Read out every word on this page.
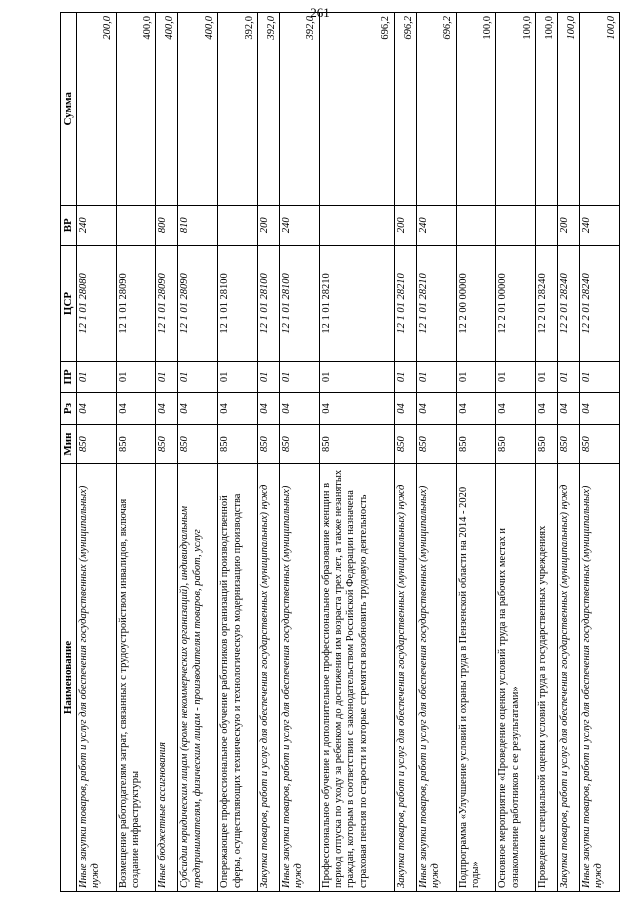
261
Наименование	Мин	Рз	ПР	ЦСР	ВР	Сумма
Иные закупки товаров, работ и услуг для обеспечения государственных (муниципальных) нужд	850	04	01	12 1 01 28080	240	200,0
Возмещение работодателям затрат, связанных с трудоустройством инвалидов, включая создание инфраструктуры	850	04	01	12 1 01 28090		400,0
Иные бюджетные ассигнования	850	04	01	12 1 01 28090	800	400,0
Субсидии юридическим лицам (кроме некоммерческих организаций), индивидуальным предпринимателям, физическим лицам - производителям товаров, работ, услуг	850	04	01	12 1 01 28090	810	400,0
Опережающее профессиональное обучение работников организаций производственной сферы, осуществляющих техническую и технологическую модернизацию производства	850	04	01	12 1 01 28100		392,0
Закупка товаров, работ и услуг для обеспечения государственных (муниципальных) нужд	850	04	01	12 1 01 28100	200	392,0
Иные закупки товаров, работ и услуг для обеспечения государственных (муниципальных) нужд	850	04	01	12 1 01 28100	240	392,0
Профессиональное обучение и дополнительное профессиональное образование женщин в период отпуска по уходу за ребенком до достижения им возраста трех лет, а также незанятых граждан, которым в соответствии с законодательством Российской Федерации назначена страховая пенсия по старости и которые стремятся возобновить трудовую деятельность	850	04	01	12 1 01 28210		696,2
Закупка товаров, работ и услуг для обеспечения государственных (муниципальных) нужд	850	04	01	12 1 01 28210	200	696,2
Иные закупки товаров, работ и услуг для обеспечения государственных (муниципальных) нужд	850	04	01	12 1 01 28210	240	696,2
Подпрограмма «Улучшение условий и охраны труда в Пензенской области на 2014 - 2020 годы»	850	04	01	12 2 00 00000		100,0
Основное мероприятие «Проведение оценки условий труда на рабочих местах и ознакомление работников с ее результатами»	850	04	01	12 2 01 00000		100,0
Проведение специальной оценки условий труда в государственных учреждениях	850	04	01	12 2 01 28240		100,0
Закупка товаров, работ и услуг для обеспечения государственных (муниципальных) нужд	850	04	01	12 2 01 28240	200	100,0
Иные закупки товаров, работ и услуг для обеспечения государственных (муниципальных) нужд	850	04	01	12 2 01 28240	240	100,0
